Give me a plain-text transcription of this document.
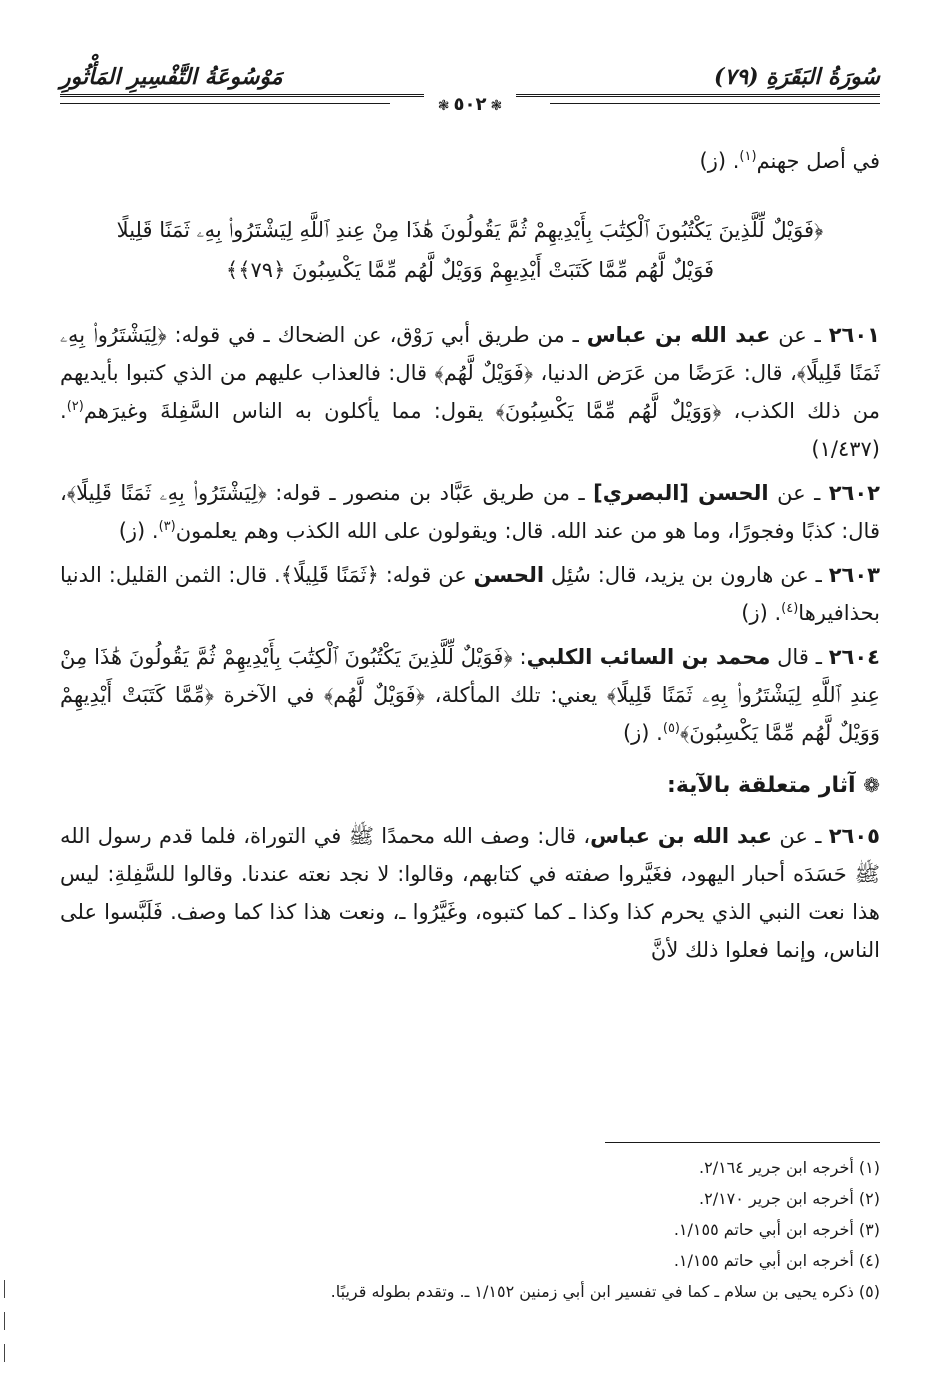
سُورَةُ البَقَرَةِ (٧٩)
مَوْسُوعَةُ التَّفْسِيرِ المَأْثُورِ
❃٥٠٢❃

في أصل جهنم$^{(١)}$. (ز)

﴿فَوَيْلٌ لِّلَّذِينَ يَكْتُبُونَ ٱلْكِتَٰبَ بِأَيْدِيهِمْ ثُمَّ يَقُولُونَ هَٰذَا مِنْ عِندِ ٱللَّهِ لِيَشْتَرُوا۟ بِهِۦ ثَمَنًا قَلِيلًا
فَوَيْلٌ لَّهُم مِّمَّا كَتَبَتْ أَيْدِيهِمْ وَوَيْلٌ لَّهُم مِّمَّا يَكْسِبُونَ ﴿٧٩﴾﴾

٢٦٠١ ـ عن عبد الله بن عباس ـ من طريق أبي رَوْق، عن الضحاك ـ في قوله: ﴿لِيَشْتَرُوا۟ بِهِۦ ثَمَنًا قَلِيلًا﴾، قال: عَرَضًا من عَرَض الدنيا، ﴿فَوَيْلٌ لَّهُم﴾ قال: فالعذاب عليهم من الذي كتبوا بأيديهم من ذلك الكذب، ﴿وَوَيْلٌ لَّهُم مِّمَّا يَكْسِبُونَ﴾ يقول: مما يأكلون به الناس السَّفِلةَ وغيرَهم$^{(٢)}$. (١/٤٣٧)

٢٦٠٢ ـ عن الحسن [البصري] ـ من طريق عَبَّاد بن منصور ـ قوله: ﴿لِيَشْتَرُوا۟ بِهِۦ ثَمَنًا قَلِيلًا﴾، قال: كذبًا وفجورًا، وما هو من عند الله. قال: ويقولون على الله الكذب وهم يعلمون$^{(٣)}$. (ز)

٢٦٠٣ ـ عن هارون بن يزيد، قال: سُئِل الحسن عن قوله: ﴿ثَمَنًا قَلِيلًا﴾. قال: الثمن القليل: الدنيا بحذافيرها$^{(٤)}$. (ز)

٢٦٠٤ ـ قال محمد بن السائب الكلبي: ﴿فَوَيْلٌ لِّلَّذِينَ يَكْتُبُونَ ٱلْكِتَٰبَ بِأَيْدِيهِمْ ثُمَّ يَقُولُونَ هَٰذَا مِنْ عِندِ ٱللَّهِ لِيَشْتَرُوا۟ بِهِۦ ثَمَنًا قَلِيلًا﴾ يعني: تلك المأكلة، ﴿فَوَيْلٌ لَّهُم﴾ في الآخرة ﴿مِّمَّا كَتَبَتْ أَيْدِيهِمْ وَوَيْلٌ لَّهُم مِّمَّا يَكْسِبُونَ﴾$^{(٥)}$. (ز)

❁ آثار متعلقة بالآية:

٢٦٠٥ ـ عن عبد الله بن عباس، قال: وصف الله محمدًا ﷺ في التوراة، فلما قدم رسول الله ﷺ حَسَدَه أحبار اليهود، فغَيَّروا صفته في كتابهم، وقالوا: لا نجد نعته عندنا. وقالوا للسَّفِلةِ: ليس هذا نعت النبي الذي يحرم كذا وكذا ـ كما كتبوه، وغَيَّرُوا ـ، ونعت هذا كذا كما وصف. فَلَبَّسوا على الناس، وإنما فعلوا ذلك لأنَّ

(١) أخرجه ابن جرير ٢/١٦٤.
(٢) أخرجه ابن جرير ٢/١٧٠.
(٣) أخرجه ابن أبي حاتم ١/١٥٥.
(٤) أخرجه ابن أبي حاتم ١/١٥٥.
(٥) ذكره يحيى بن سلام ـ كما في تفسير ابن أبي زمنين ١/١٥٢ ـ. وتقدم بطوله قريبًا.
